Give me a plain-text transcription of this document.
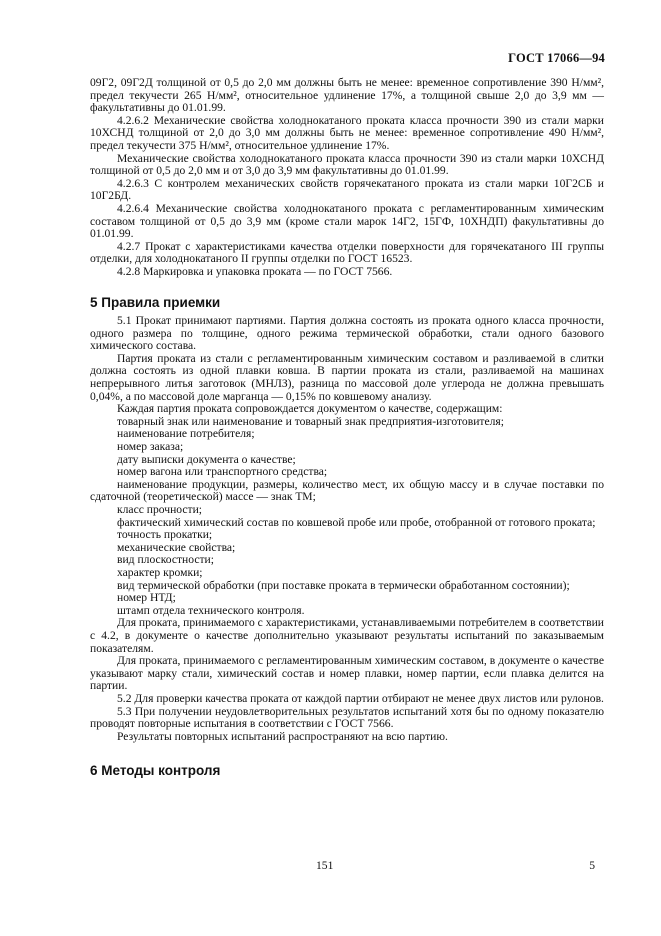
ГОСТ 17066—94

09Г2, 09Г2Д толщиной от 0,5 до 2,0 мм должны быть не менее: временное сопротивление 390 Н/мм², предел текучести 265 Н/мм², относительное удлинение 17%, а толщиной свыше 2,0 до 3,9 мм — факультативны до 01.01.99.

4.2.6.2 Механические свойства холоднокатаного проката класса прочности 390 из стали марки 10ХСНД толщиной от 2,0 до 3,0 мм должны быть не менее: временное сопротивление 490 Н/мм², предел текучести 375 Н/мм², относительное удлинение 17%.

Механические свойства холоднокатаного проката класса прочности 390 из стали марки 10ХСНД толщиной от 0,5 до 2,0 мм и от 3,0 до 3,9 мм факультативны до 01.01.99.

4.2.6.3 С контролем механических свойств горячекатаного проката из стали марки 10Г2СБ и 10Г2БД.

4.2.6.4 Механические свойства холоднокатаного проката с регламентированным химическим составом толщиной от 0,5 до 3,9 мм (кроме стали марок 14Г2, 15ГФ, 10ХНДП) факультативны до 01.01.99.

4.2.7 Прокат с характеристиками качества отделки поверхности для горячекатаного III группы отделки, для холоднокатаного II группы отделки по ГОСТ 16523.

4.2.8 Маркировка и упаковка проката — по ГОСТ 7566.

5 Правила приемки

5.1 Прокат принимают партиями. Партия должна состоять из проката одного класса прочности, одного размера по толщине, одного режима термической обработки, стали одного базового химического состава.

Партия проката из стали с регламентированным химическим составом и разливаемой в слитки должна состоять из одной плавки ковша. В партии проката из стали, разливаемой на машинах непрерывного литья заготовок (МНЛЗ), разница по массовой доле углерода не должна превышать 0,04%, а по массовой доле марганца — 0,15% по ковшевому анализу.

Каждая партия проката сопровождается документом о качестве, содержащим:

товарный знак или наименование и товарный знак предприятия-изготовителя;

наименование потребителя;

номер заказа;

дату выписки документа о качестве;

номер вагона или транспортного средства;

наименование продукции, размеры, количество мест, их общую массу и в случае поставки по сдаточной (теоретической) массе — знак ТМ;

класс прочности;

фактический химический состав по ковшевой пробе или пробе, отобранной от готового проката;

точность прокатки;

механические свойства;

вид плоскостности;

характер кромки;

вид термической обработки (при поставке проката в термически обработанном состоянии);

номер НТД;

штамп отдела технического контроля.

Для проката, принимаемого с характеристиками, устанавливаемыми потребителем в соответствии с 4.2, в документе о качестве дополнительно указывают результаты испытаний по заказываемым показателям.

Для проката, принимаемого с регламентированным химическим составом, в документе о качестве указывают марку стали, химический состав и номер плавки, номер партии, если плавка делится на партии.

5.2 Для проверки качества проката от каждой партии отбирают не менее двух листов или рулонов.

5.3 При получении неудовлетворительных результатов испытаний хотя бы по одному показателю проводят повторные испытания в соответствии с ГОСТ 7566.

Результаты повторных испытаний распространяют на всю партию.

6 Методы контроля
151	5
